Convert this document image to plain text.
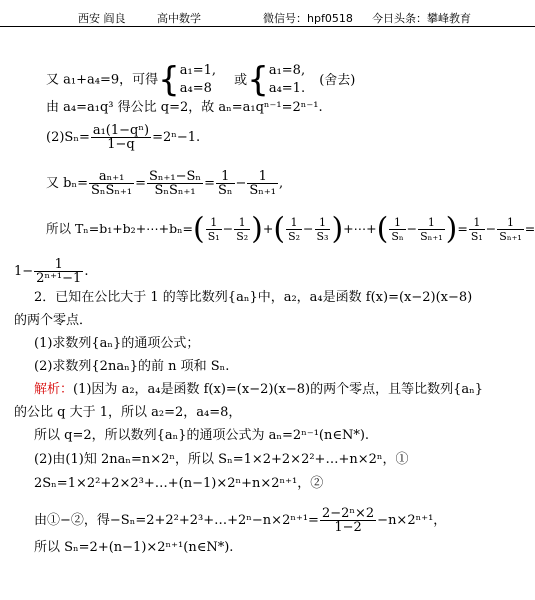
西安 阎良	高中数学	微信号：hpf0518 今日头条：攀峰教育
又 a₁+a₄=9，可得{ a₁=1,
a₄=8
或{ a₁=8,
a₄=1.
(舍去)
由 a₄=a₁q³ 得公比 q=2，故 aₙ=a₁qⁿ⁻¹=2ⁿ⁻¹.
$(2)S_n= \frac{\text{a₁(1−qⁿ)}}{1-q} =2^n-1$.
又 $b_n= \frac{\text{aₙ₊₁}}{\text{SₙSₙ₊₁}} = \frac{\text{Sₙ₊₁−Sₙ}}{\text{SₙSₙ₊₁}} = \frac{1}{\text{Sₙ}} - \frac{1}{\text{Sₙ₊₁}}$ ,
所以 Tₙ=b₁+b₂+⋯+bₙ=( $\frac{1}{\text{S₁}} - \frac{1}{\text{S₂}}$ )+( $\frac{1}{\text{S₂}} - \frac{1}{\text{S₃}}$ )+⋯+( $\frac{1}{\text{Sₙ}} - \frac{1}{\text{Sₙ₊₁}}$ )= $\frac{1}{\text{S₁}} - \frac{1}{\text{Sₙ₊₁}}$ =
$1- \frac{1}{\text{2ⁿ⁺¹−1}}$ .
2．已知在公比大于 1 的等比数列{aₙ}中，a₂，a₄是函数 f(x)=(x−2)(x−8)
的两个零点．
(1)求数列{aₙ}的通项公式；
(2)求数列{2naₙ}的前 n 项和 Sₙ.
解析：(1)因为 a₂，a₄是函数 f(x)=(x−2)(x−8)的两个零点，且等比数列{aₙ}
的公比 q 大于 1，所以 a₂=2，a₄=8，
所以 q=2，所以数列{aₙ}的通项公式为 aₙ=2ⁿ⁻¹(n∈N*).
(2)由(1)知 2naₙ=n×2ⁿ，所以 Sₙ=1×2+2×2²+…+n×2ⁿ，①
2Sₙ=1×2²+2×2³+…+(n−1)×2ⁿ+n×2ⁿ⁺¹，②
由①−②，得−Sₙ=2+2²+2³+…+2ⁿ−n×2ⁿ⁺¹= $\frac{\text{2−2ⁿ×2}}{1-2} -n\times 2^{n+1}$，
所以 Sₙ=2+(n−1)×2ⁿ⁺¹(n∈N*).
